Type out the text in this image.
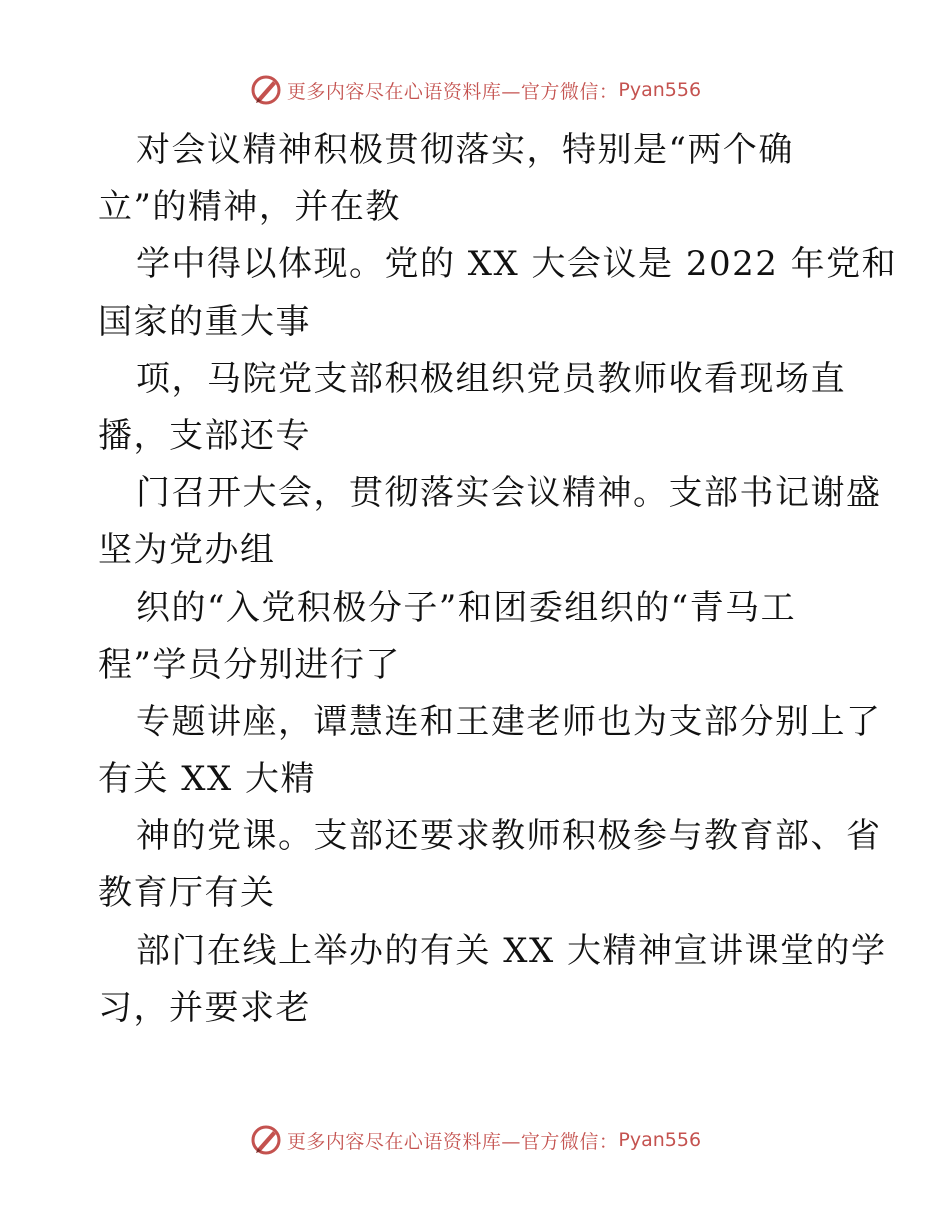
更多内容尽在心语资料库—官方微信： Pyan556
对会议精神积极贯彻落实，特别是“两个确
立”的精神，并在教
学中得以体现。党的 XX 大会议是 2022 年党和
国家的重大事
项，马院党支部积极组织党员教师收看现场直
播，支部还专
门召开大会，贯彻落实会议精神。支部书记谢盛
坚为党办组
织的“入党积极分子”和团委组织的“青马工
程”学员分别进行了
专题讲座，谭慧连和王建老师也为支部分别上了
有关 XX 大精
神的党课。支部还要求教师积极参与教育部、省
教育厅有关
部门在线上举办的有关 XX 大精神宣讲课堂的学
习，并要求老
更多内容尽在心语资料库—官方微信： Pyan556
